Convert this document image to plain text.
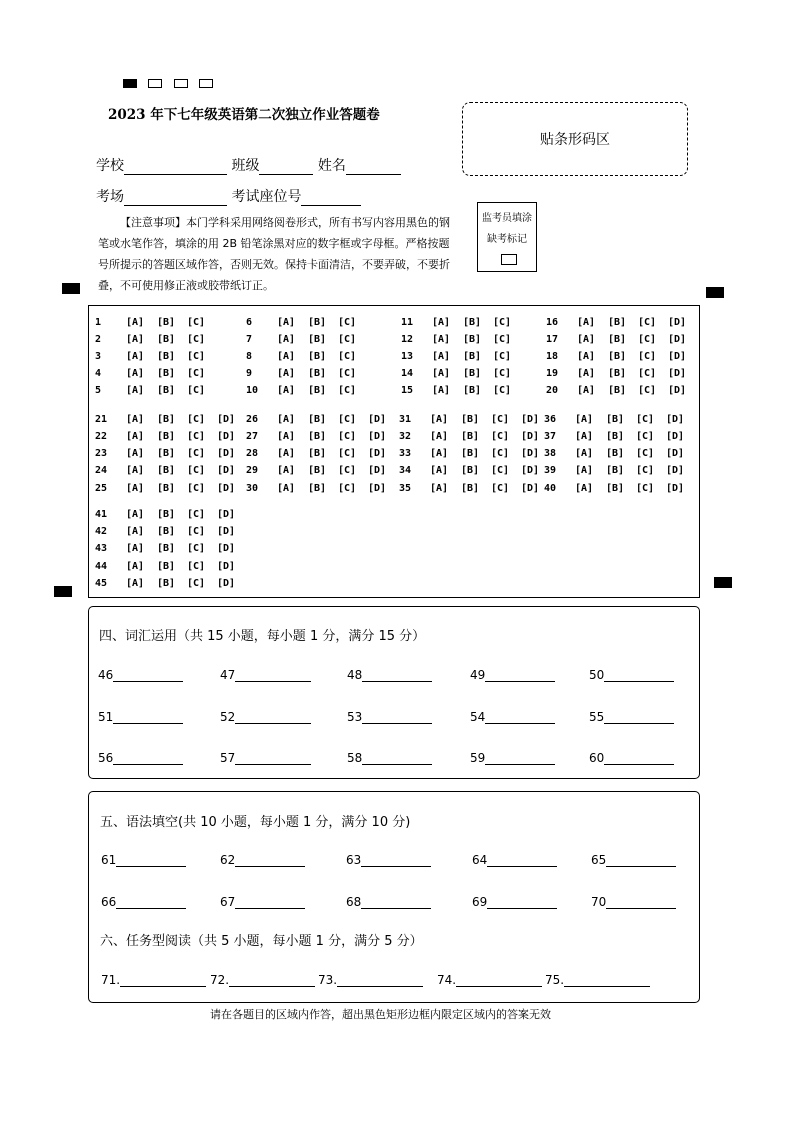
2023 年下七年级英语第二次独立作业答题卷
贴条形码区
学校	班级	姓名
考场	考试座位号
【注意事项】本门学科采用网络阅卷形式，所有书写内容用黑色的钢笔或水笔作答，填涂的用 2B 铅笔涂黑对应的数字框或字母框。严格按题号所提示的答题区域作答，否则无效。保持卡面清洁，不要弄破，不要折叠，不可使用修正液或胶带纸订正。
监考员填涂
缺考标记
1 [A] [B] [C]
2 [A] [B] [C]
3 [A] [B] [C]
4 [A] [B] [C]
5 [A] [B] [C]
6 [A] [B] [C]
7 [A] [B] [C]
8 [A] [B] [C]
9 [A] [B] [C]
10 [A] [B] [C]
11 [A] [B] [C]
12 [A] [B] [C]
13 [A] [B] [C]
14 [A] [B] [C]
15 [A] [B] [C]
16 [A] [B] [C] [D]
17 [A] [B] [C] [D]
18 [A] [B] [C] [D]
19 [A] [B] [C] [D]
20 [A] [B] [C] [D]
21 [A] [B] [C] [D]
22 [A] [B] [C] [D]
23 [A] [B] [C] [D]
24 [A] [B] [C] [D]
25 [A] [B] [C] [D]
26 [A] [B] [C] [D]
27 [A] [B] [C] [D]
28 [A] [B] [C] [D]
29 [A] [B] [C] [D]
30 [A] [B] [C] [D]
31 [A] [B] [C] [D]
32 [A] [B] [C] [D]
33 [A] [B] [C] [D]
34 [A] [B] [C] [D]
35 [A] [B] [C] [D]
36 [A] [B] [C] [D]
37 [A] [B] [C] [D]
38 [A] [B] [C] [D]
39 [A] [B] [C] [D]
40 [A] [B] [C] [D]
41 [A] [B] [C] [D]
42 [A] [B] [C] [D]
43 [A] [B] [C] [D]
44 [A] [B] [C] [D]
45 [A] [B] [C] [D]
四、词汇运用（共 15 小题，每小题 1 分，满分 15 分）
46	47	48	49	50
51	52	53	54	55
56	57	58	59	60
五、语法填空(共 10 小题，每小题 1 分，满分 10 分)
61	62	63	64	65
66	67	68	69	70
六、任务型阅读（共 5 小题，每小题 1 分，满分 5 分）
71.	72.	73.	74.	75.
请在各题目的区域内作答，超出黑色矩形边框内限定区域内的答案无效
